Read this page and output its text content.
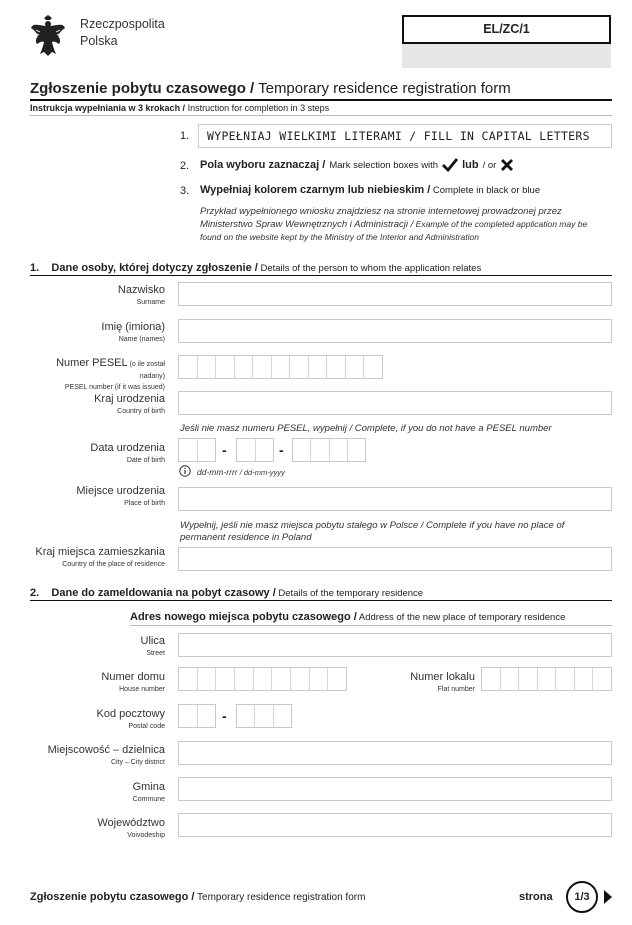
Rzeczpospolita
Polska
EL/ZC/1
Zgłoszenie pobytu czasowego / Temporary residence registration form
Instrukcja wypełniania w 3 krokach / Instruction for completion in 3 steps
1.	WYPEŁNIAJ WIELKIMI LITERAMI / FILL IN CAPITAL LETTERS
2. Pola wyboru zaznaczaj / Mark selection boxes with lub / or
3. Wypełniaj kolorem czarnym lub niebieskim / Complete in black or blue
Przykład wypełnionego wniosku znajdziesz na stronie internetowej prowadzonej przez Ministerstwo Spraw Wewnętrznych i Administracji / Example of the completed application may be found on the website kept by the Ministry of the Interior and Administration
1. Dane osoby, której dotyczy zgłoszenie / Details of the person to whom the application relates
Nazwisko
Surname
Imię (imiona)
Name (names)
Numer PESEL (o ile został nadany)
PESEL number (if it was issued)
Kraj urodzenia
Country of birth
Jeśli nie masz numeru PESEL, wypełnij / Complete, if you do not have a PESEL number
Data urodzenia
Date of birth
-	-
dd-mm-rrrr / dd-mm-yyyy
Miejsce urodzenia
Place of birth
Wypełnij, jeśli nie masz miejsca pobytu stałego w Polsce / Complete if you have no place of permanent residence in Poland
Kraj miejsca zamieszkania
Country of the place of residence
2. Dane do zameldowania na pobyt czasowy / Details of the temporary residence
Adres nowego miejsca pobytu czasowego / Address of the new place of temporary residence
Ulica
Street
Numer domu
House number
Numer lokalu
Flat number
Kod pocztowy
Postal code
-
Miejscowość – dzielnica
City – City district
Gmina
Commune
Województwo
Voivodeship
Zgłoszenie pobytu czasowego / Temporary residence registration form	strona	1/3
